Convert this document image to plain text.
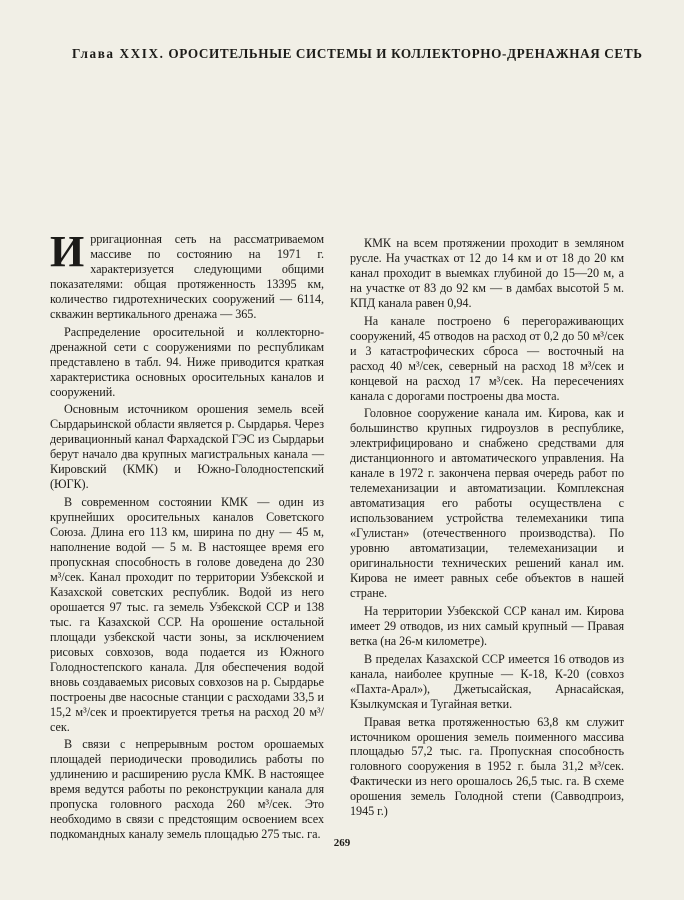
Глава XXIX. ОРОСИТЕЛЬНЫЕ СИСТЕМЫ И КОЛЛЕКТОРНО-ДРЕНАЖНАЯ СЕТЬ

Ирригационная сеть на рассматриваемом массиве по состоянию на 1971 г. характеризуется следующими общими показателями: общая протяженность 13395 км, количество гидротехнических сооружений — 6114, скважин вертикального дренажа — 365.

Распределение оросительной и коллекторно-дренажной сети с сооружениями по республикам представлено в табл. 94. Ниже приводится краткая характеристика основных оросительных каналов и сооружений.

Основным источником орошения земель всей Сырдарьинской области является р. Сырдарья. Через деривационный канал Фархадской ГЭС из Сырдарьи берут начало два крупных магистральных канала — Кировский (КМК) и Южно-Голодностепский (ЮГК).

В современном состоянии КМК — один из крупнейших оросительных каналов Советского Союза. Длина его 113 км, ширина по дну — 45 м, наполнение водой — 5 м. В настоящее время его пропускная способность в голове доведена до 230 м³/сек. Канал проходит по территории Узбекской и Казахской советских республик. Водой из него орошается 97 тыс. га земель Узбекской ССР и 138 тыс. га Казахской ССР. На орошение остальной площади узбекской части зоны, за исключением рисовых совхозов, вода подается из Южного Голодностепского канала. Для обеспечения водой вновь создаваемых рисовых совхозов на р. Сырдарье построены две насосные станции с расходами 33,5 и 15,2 м³/сек и проектируется третья на расход 20 м³/сек.

В связи с непрерывным ростом орошаемых площадей периодически проводились работы по удлинению и расширению русла КМК. В настоящее время ведутся работы по реконструкции канала для пропуска головного расхода 260 м³/сек. Это необходимо в связи с предстоящим освоением всех подкомандных каналу земель площадью 275 тыс. га.

КМК на всем протяжении проходит в земляном русле. На участках от 12 до 14 км и от 18 до 20 км канал проходит в выемках глубиной до 15—20 м, а на участке от 83 до 92 км — в дамбах высотой 5 м. КПД канала равен 0,94.

На канале построено 6 перегораживающих сооружений, 45 отводов на расход от 0,2 до 50 м³/сек и 3 катастрофических сброса — восточный на расход 40 м³/сек, северный на расход 18 м³/сек и концевой на расход 17 м³/сек. На пересечениях канала с дорогами построены два моста.

Головное сооружение канала им. Кирова, как и большинство крупных гидроузлов в республике, электрифицировано и снабжено средствами для дистанционного и автоматического управления. На канале в 1972 г. закончена первая очередь работ по телемеханизации и автоматизации. Комплексная автоматизация его работы осуществлена с использованием устройства телемеханики типа «Гулистан» (отечественного производства). По уровню автоматизации, телемеханизации и оригинальности технических решений канал им. Кирова не имеет равных себе объектов в нашей стране.

На территории Узбекской ССР канал им. Кирова имеет 29 отводов, из них самый крупный — Правая ветка (на 26-м километре).

В пределах Казахской ССР имеется 16 отводов из канала, наиболее крупные — К-18, К-20 (совхоз «Пахта-Арал»), Джетысайская, Арнасайская, Кзылкумская и Тугайная ветки.

Правая ветка протяженностью 63,8 км служит источником орошения земель поименного массива площадью 57,2 тыс. га. Пропускная способность головного сооружения в 1952 г. была 31,2 м³/сек. Фактически из него орошалось 26,5 тыс. га. В схеме орошения земель Голодной степи (Савводпроиз, 1945 г.)

269
